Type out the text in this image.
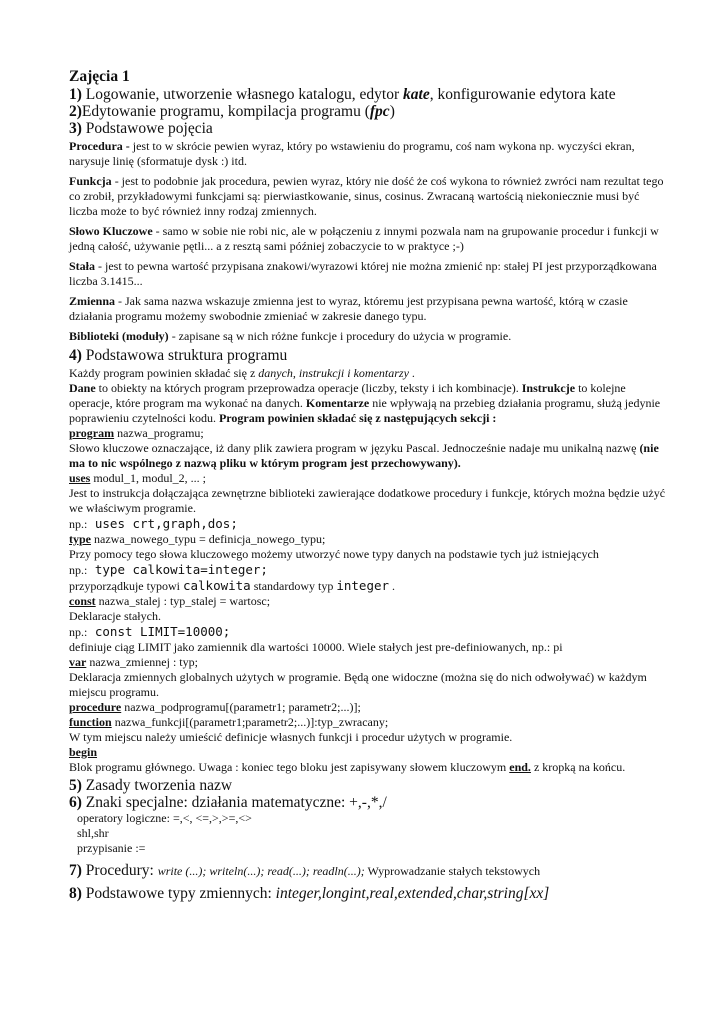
Zajęcia 1
1) Logowanie, utworzenie własnego katalogu, edytor kate, konfigurowanie edytora kate
2)Edytowanie programu, kompilacja programu (fpc)
3) Podstawowe pojęcia
Procedura - jest to w skrócie pewien wyraz, który po wstawieniu do programu, coś nam wykona np. wyczyści ekran, narysuje linię (sformatuje dysk :) itd.
Funkcja - jest to podobnie jak procedura, pewien wyraz, który nie dość że coś wykona to również zwróci nam rezultat tego co zrobił, przykładowymi funkcjami są: pierwiastkowanie, sinus, cosinus. Zwracaną wartością niekoniecznie musi być liczba może to być również inny rodzaj zmiennych.
Słowo Kluczowe - samo w sobie nie robi nic, ale w połączeniu z innymi pozwala nam na grupowanie procedur i funkcji w jedną całość, używanie pętli... a z resztą sami później zobaczycie to w praktyce ;-)
Stała - jest to pewna wartość przypisana znakowi/wyrazowi której nie można zmienić np: stałej PI jest przyporządkowana liczba 3.1415...
Zmienna - Jak sama nazwa wskazuje zmienna jest to wyraz, któremu jest przypisana pewna wartość, którą w czasie działania programu możemy swobodnie zmieniać w zakresie danego typu.
Biblioteki (moduły) - zapisane są w nich różne funkcje i procedury do użycia w programie.
4) Podstawowa struktura programu
Każdy program powinien składać się z danych, instrukcji i komentarzy .
Dane to obiekty na których program przeprowadza operacje (liczby, teksty i ich kombinacje). Instrukcje to kolejne operacje, które program ma wykonać na danych. Komentarze nie wpływają na przebieg działania programu, służą jedynie poprawieniu czytelności kodu. Program powinien składać się z następujących sekcji :
program nazwa_programu;
Słowo kluczowe oznaczające, iż dany plik zawiera program w języku Pascal. Jednocześnie nadaje mu unikalną nazwę (nie ma to nic wspólnego z nazwą pliku w którym program jest przechowywany).
uses modul_1, modul_2, ... ;
Jest to instrukcja dołączająca zewnętrzne biblioteki zawierające dodatkowe procedury i funkcje, których można będzie użyć we właściwym programie.
np.: uses crt,graph,dos;
type nazwa_nowego_typu = definicja_nowego_typu;
Przy pomocy tego słowa kluczowego możemy utworzyć nowe typy danych na podstawie tych już istniejących
np.: type calkowita=integer;
przyporządkuje typowi calkowita standardowy typ integer .
const nazwa_stalej : typ_stalej = wartosc;
Deklaracje stałych.
np.: const LIMIT=10000;
definiuje ciąg LIMIT jako zamiennik dla wartości 10000. Wiele stałych jest pre-definiowanych, np.: pi
var nazwa_zmiennej : typ;
Deklaracja zmiennych globalnych użytych w programie. Będą one widoczne (można się do nich odwoływać) w każdym miejscu programu.
procedure nazwa_podprogramu[(parametr1; parametr2;...)];
function nazwa_funkcji[(parametr1;parametr2;...)]:typ_zwracany;
W tym miejscu należy umieścić definicje własnych funkcji i procedur użytych w programie.
begin
Blok programu głównego. Uwaga : koniec tego bloku jest zapisywany słowem kluczowym end. z kropką na końcu.
5) Zasady tworzenia nazw
6) Znaki specjalne: działania matematyczne: +,-,*,/
operatory logiczne: =,<, <=,>,>=,<>
shl,shr
przypisanie :=
7) Procedury: write (...); writeln(...); read(...); readln(...); Wyprowadzanie stałych tekstowych
8) Podstawowe typy zmiennych: integer,longint,real,extended,char,string[xx]
